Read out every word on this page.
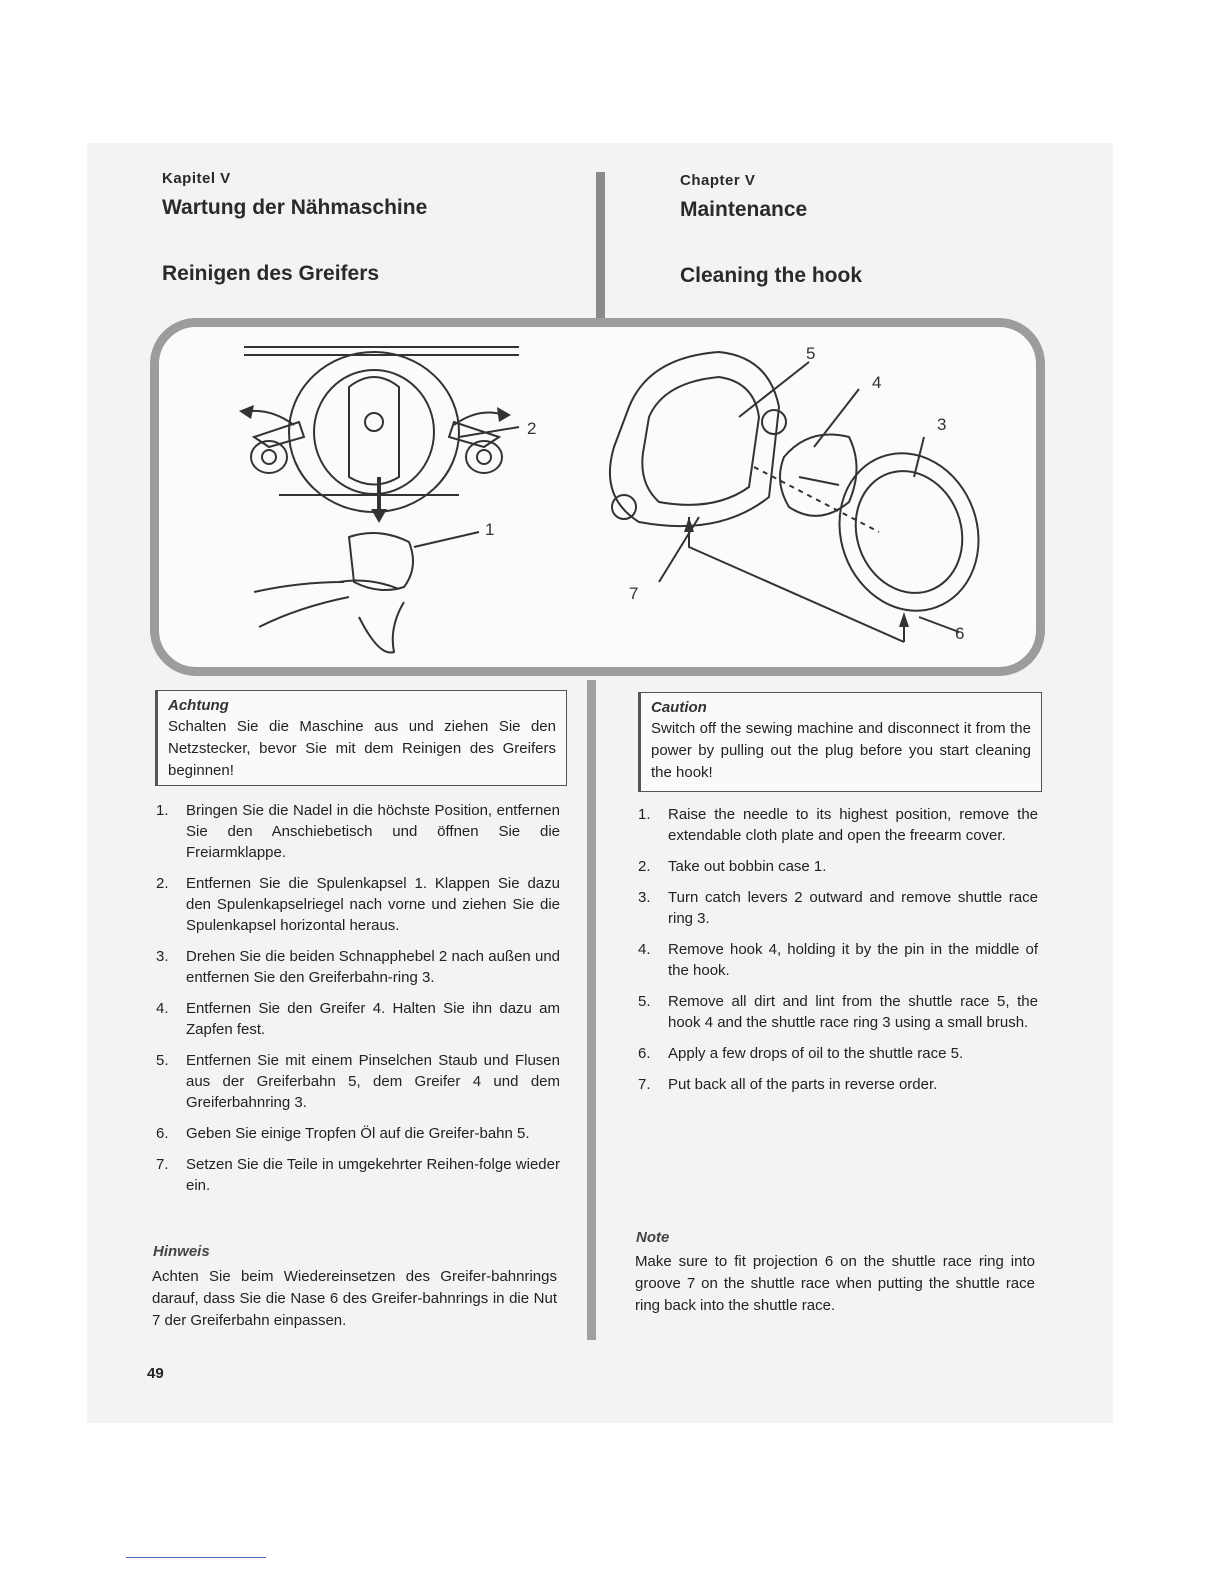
Kapitel V
Wartung der Nähmaschine
Reinigen des Greifers
Chapter V
Maintenance
Cleaning the hook
2
1
5
4
3
6
7
Achtung
Schalten Sie die Maschine aus und ziehen Sie den Netzstecker, bevor Sie mit dem Reinigen des Greifers beginnen!
Caution
Switch off the sewing machine and disconnect it from the power by pulling out the plug before you start cleaning the hook!
1. Bringen Sie die Nadel in die höchste Position, entfernen Sie den Anschiebetisch und öffnen Sie die Freiarmklappe.
2. Entfernen Sie die Spulenkapsel 1. Klappen Sie dazu den Spulenkapselriegel nach vorne und ziehen Sie die Spulenkapsel horizontal heraus.
3. Drehen Sie die beiden Schnapphebel 2 nach außen und entfernen Sie den Greiferbahn-ring 3.
4. Entfernen Sie den Greifer 4. Halten Sie ihn dazu am Zapfen fest.
5. Entfernen Sie mit einem Pinselchen Staub und Flusen aus der Greiferbahn 5, dem Greifer 4 und dem Greiferbahnring 3.
6. Geben Sie einige Tropfen Öl auf die Greifer-bahn 5.
7. Setzen Sie die Teile in umgekehrter Reihen-folge wieder ein.
1. Raise the needle to its highest position, remove the extendable cloth plate and open the freearm cover.
2. Take out bobbin case 1.
3. Turn catch levers 2 outward and remove shuttle race ring 3.
4. Remove hook 4, holding it by the pin in the middle of the hook.
5. Remove all dirt and lint from the shuttle race 5, the hook 4 and the shuttle race ring 3 using a small brush.
6. Apply a few drops of oil to the shuttle race 5.
7. Put back all of the parts in reverse order.
Hinweis
Achten Sie beim Wiedereinsetzen des Greifer-bahnrings darauf, dass Sie die Nase 6 des Greifer-bahnrings in die Nut 7 der Greiferbahn einpassen.
Note
Make sure to fit projection 6 on the shuttle race ring into groove 7 on the shuttle race when putting the shuttle race ring back into the shuttle race.
49
